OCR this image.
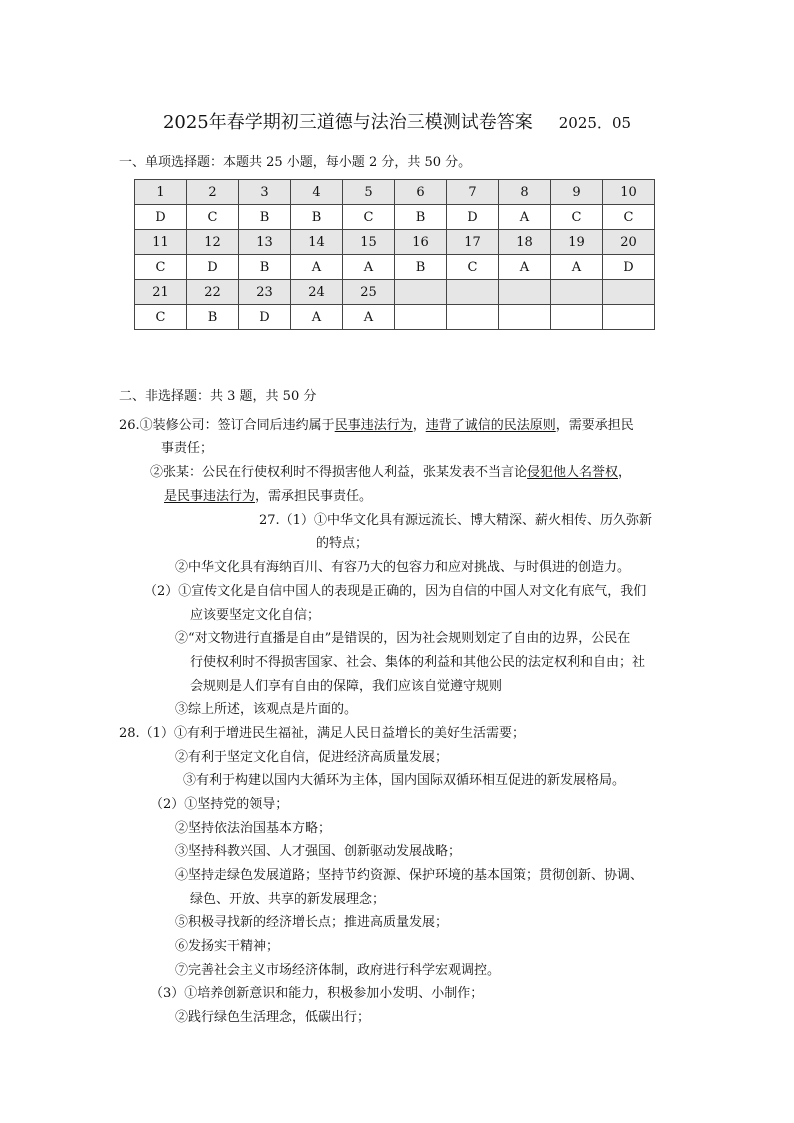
2025年春学期初三道德与法治三模测试卷答案 2025．05
一、单项选择题：本题共 25 小题，每小题 2 分，共 50 分。
1	2	3	4	5	6	7	8	9	10
D	C	B	B	C	B	D	A	C	C
11	12	13	14	15	16	17	18	19	20
C	D	B	A	A	B	C	A	A	D
21	22	23	24	25					
C	B	D	A	A					
二、非选择题：共 3 题，共 50 分
26.①装修公司：签订合同后违约属于民事违法行为，违背了诚信的民法原则，需要承担民
事责任；
②张某：公民在行使权利时不得损害他人利益，张某发表不当言论侵犯他人名誉权，
是民事违法行为，需承担民事责任。
27.（1）①中华文化具有源远流长、博大精深、薪火相传、历久弥新
的特点；
②中华文化具有海纳百川、有容乃大的包容力和应对挑战、与时俱进的创造力。
（2）①宣传文化是自信中国人的表现是正确的，因为自信的中国人对文化有底气，我们
应该要坚定文化自信；
②“对文物进行直播是自由”是错误的，因为社会规则划定了自由的边界，公民在
行使权利时不得损害国家、社会、集体的利益和其他公民的法定权利和自由；社
会规则是人们享有自由的保障，我们应该自觉遵守规则
③综上所述，该观点是片面的。
28.（1）①有利于增进民生福祉，满足人民日益增长的美好生活需要；
②有利于坚定文化自信，促进经济高质量发展；
③有利于构建以国内大循环为主体，国内国际双循环相互促进的新发展格局。
（2）①坚持党的领导；
②坚持依法治国基本方略；
③坚持科教兴国、人才强国、创新驱动发展战略；
④坚持走绿色发展道路；坚持节约资源、保护环境的基本国策；贯彻创新、协调、
绿色、开放、共享的新发展理念；
⑤积极寻找新的经济增长点；推进高质量发展；
⑥发扬实干精神；
⑦完善社会主义市场经济体制，政府进行科学宏观调控。
（3）①培养创新意识和能力，积极参加小发明、小制作；
②践行绿色生活理念，低碳出行；
